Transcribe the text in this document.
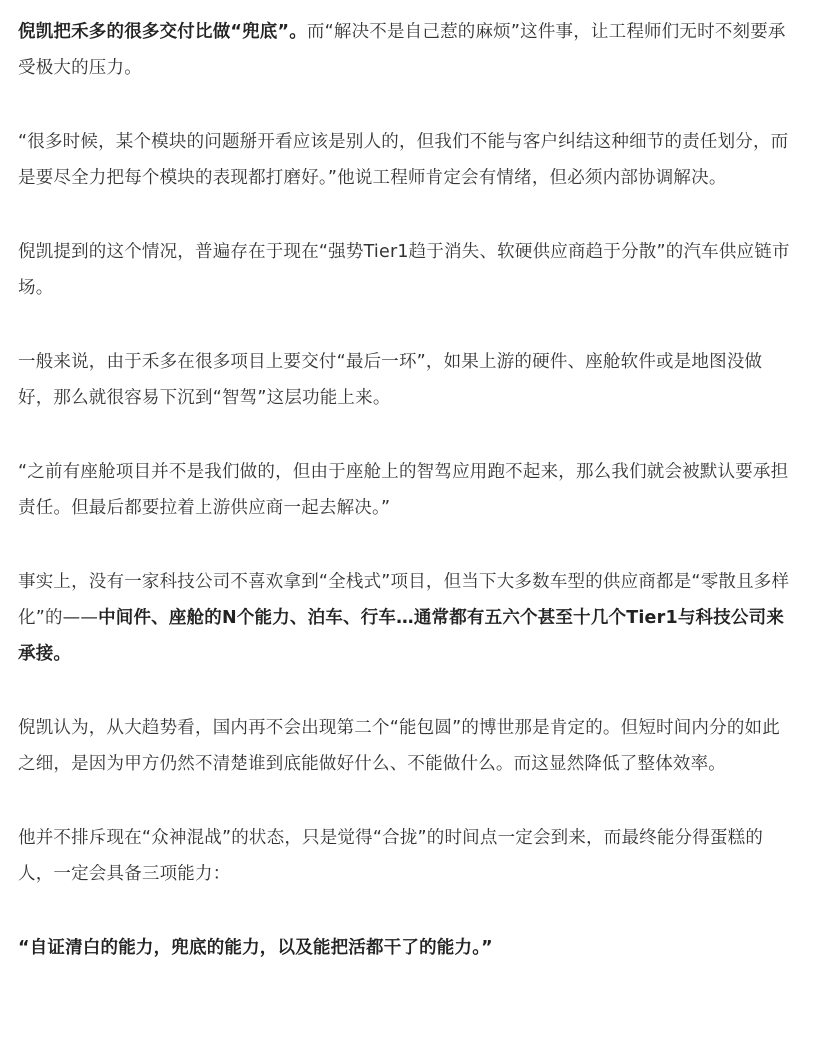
倪凯把禾多的很多交付比做“兜底”。而“解决不是自己惹的麻烦”这件事，让工程师们无时不刻要承受极大的压力。

“很多时候，某个模块的问题掰开看应该是别人的，但我们不能与客户纠结这种细节的责任划分，而是要尽全力把每个模块的表现都打磨好。”他说工程师肯定会有情绪，但必须内部协调解决。

倪凯提到的这个情况，普遍存在于现在“强势Tier1趋于消失、软硬供应商趋于分散”的汽车供应链市场。

一般来说，由于禾多在很多项目上要交付“最后一环”，如果上游的硬件、座舱软件或是地图没做好，那么就很容易下沉到“智驾”这层功能上来。

“之前有座舱项目并不是我们做的，但由于座舱上的智驾应用跑不起来，那么我们就会被默认要承担责任。但最后都要拉着上游供应商一起去解决。”

事实上，没有一家科技公司不喜欢拿到“全栈式”项目，但当下大多数车型的供应商都是“零散且多样化”的——中间件、座舱的N个能力、泊车、行车…通常都有五六个甚至十几个Tier1与科技公司来承接。

倪凯认为，从大趋势看，国内再不会出现第二个“能包圆”的博世那是肯定的。但短时间内分的如此之细，是因为甲方仍然不清楚谁到底能做好什么、不能做什么。而这显然降低了整体效率。

他并不排斥现在“众神混战”的状态，只是觉得“合拢”的时间点一定会到来，而最终能分得蛋糕的人，一定会具备三项能力：

“自证清白的能力，兜底的能力，以及能把活都干了的能力。”
